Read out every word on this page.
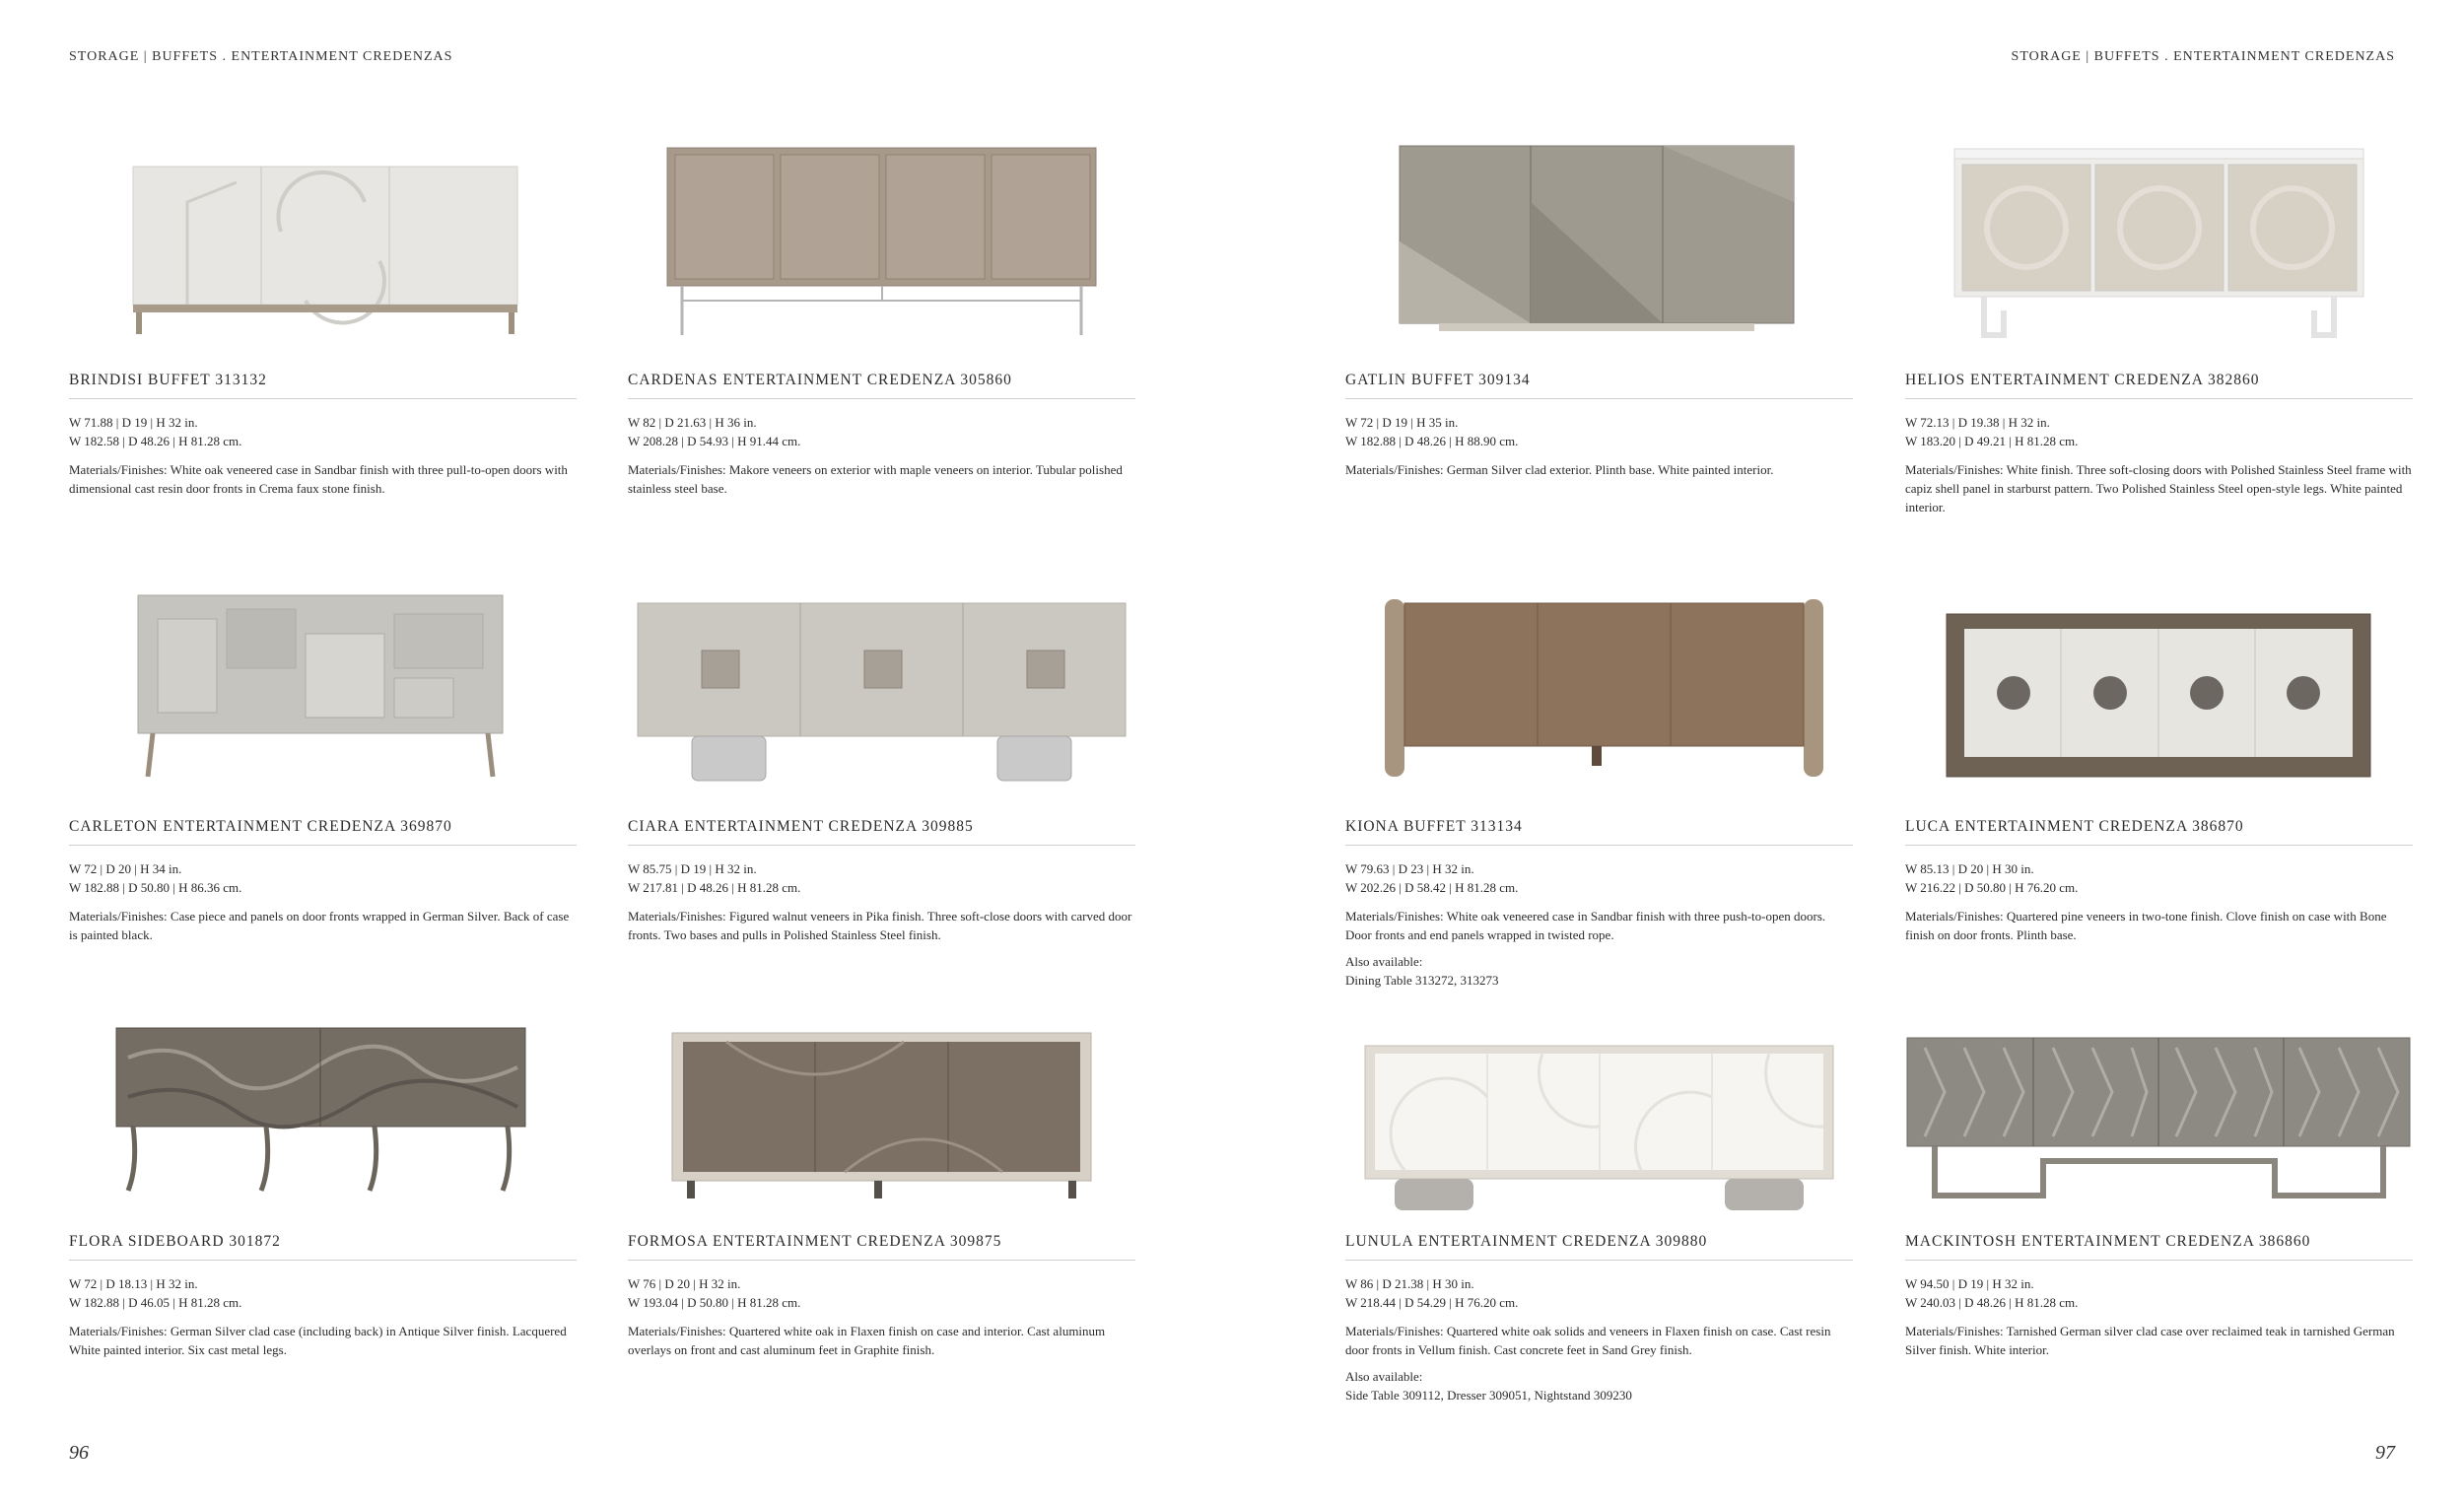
STORAGE | BUFFETS . ENTERTAINMENT CREDENZAS	STORAGE | BUFFETS . ENTERTAINMENT CREDENZAS
BRINDISI BUFFET 313132
W 71.88 | D 19 | H 32 in.
W 182.58 | D 48.26 | H 81.28 cm.
Materials/Finishes: White oak veneered case in Sandbar finish with three pull-to-open doors with dimensional cast resin door fronts in Crema faux stone finish.
CARDENAS ENTERTAINMENT CREDENZA 305860
W 82 | D 21.63 | H 36 in.
W 208.28 | D 54.93 | H 91.44 cm.
Materials/Finishes: Makore veneers on exterior with maple veneers on interior. Tubular polished stainless steel base.
GATLIN BUFFET 309134
W 72 | D 19 | H 35 in.
W 182.88 | D 48.26 | H 88.90 cm.
Materials/Finishes: German Silver clad exterior. Plinth base. White painted interior.
HELIOS ENTERTAINMENT CREDENZA 382860
W 72.13 | D 19.38 | H 32 in.
W 183.20 | D 49.21 | H 81.28 cm.
Materials/Finishes: White finish. Three soft-closing doors with Polished Stainless Steel frame with capiz shell panel in starburst pattern. Two Polished Stainless Steel open-style legs. White painted interior.
CARLETON ENTERTAINMENT CREDENZA 369870
W 72 | D 20 | H 34 in.
W 182.88 | D 50.80 | H 86.36 cm.
Materials/Finishes: Case piece and panels on door fronts wrapped in German Silver. Back of case is painted black.
CIARA ENTERTAINMENT CREDENZA 309885
W 85.75 | D 19 | H 32 in.
W 217.81 | D 48.26 | H 81.28 cm.
Materials/Finishes: Figured walnut veneers in Pika finish. Three soft-close doors with carved door fronts. Two bases and pulls in Polished Stainless Steel finish.
KIONA BUFFET 313134
W 79.63 | D 23 | H 32 in.
W 202.26 | D 58.42 | H 81.28 cm.
Materials/Finishes: White oak veneered case in Sandbar finish with three push-to-open doors. Door fronts and end panels wrapped in twisted rope.
Also available:
Dining Table 313272, 313273
LUCA ENTERTAINMENT CREDENZA 386870
W 85.13 | D 20 | H 30 in.
W 216.22 | D 50.80 | H 76.20 cm.
Materials/Finishes: Quartered pine veneers in two-tone finish. Clove finish on case with Bone finish on door fronts. Plinth base.
FLORA SIDEBOARD 301872
W 72 | D 18.13 | H 32 in.
W 182.88 | D 46.05 | H 81.28 cm.
Materials/Finishes: German Silver clad case (including back) in Antique Silver finish. Lacquered White painted interior. Six cast metal legs.
FORMOSA ENTERTAINMENT CREDENZA 309875
W 76 | D 20 | H 32 in.
W 193.04 | D 50.80 | H 81.28 cm.
Materials/Finishes: Quartered white oak in Flaxen finish on case and interior. Cast aluminum overlays on front and cast aluminum feet in Graphite finish.
LUNULA ENTERTAINMENT CREDENZA 309880
W 86 | D 21.38 | H 30 in.
W 218.44 | D 54.29 | H 76.20 cm.
Materials/Finishes: Quartered white oak solids and veneers in Flaxen finish on case. Cast resin door fronts in Vellum finish. Cast concrete feet in Sand Grey finish.
Also available:
Side Table 309112, Dresser 309051, Nightstand 309230
MACKINTOSH ENTERTAINMENT CREDENZA 386860
W 94.50 | D 19 | H 32 in.
W 240.03 | D 48.26 | H 81.28 cm.
Materials/Finishes: Tarnished German silver clad case over reclaimed teak in tarnished German Silver finish. White interior.
96	97
